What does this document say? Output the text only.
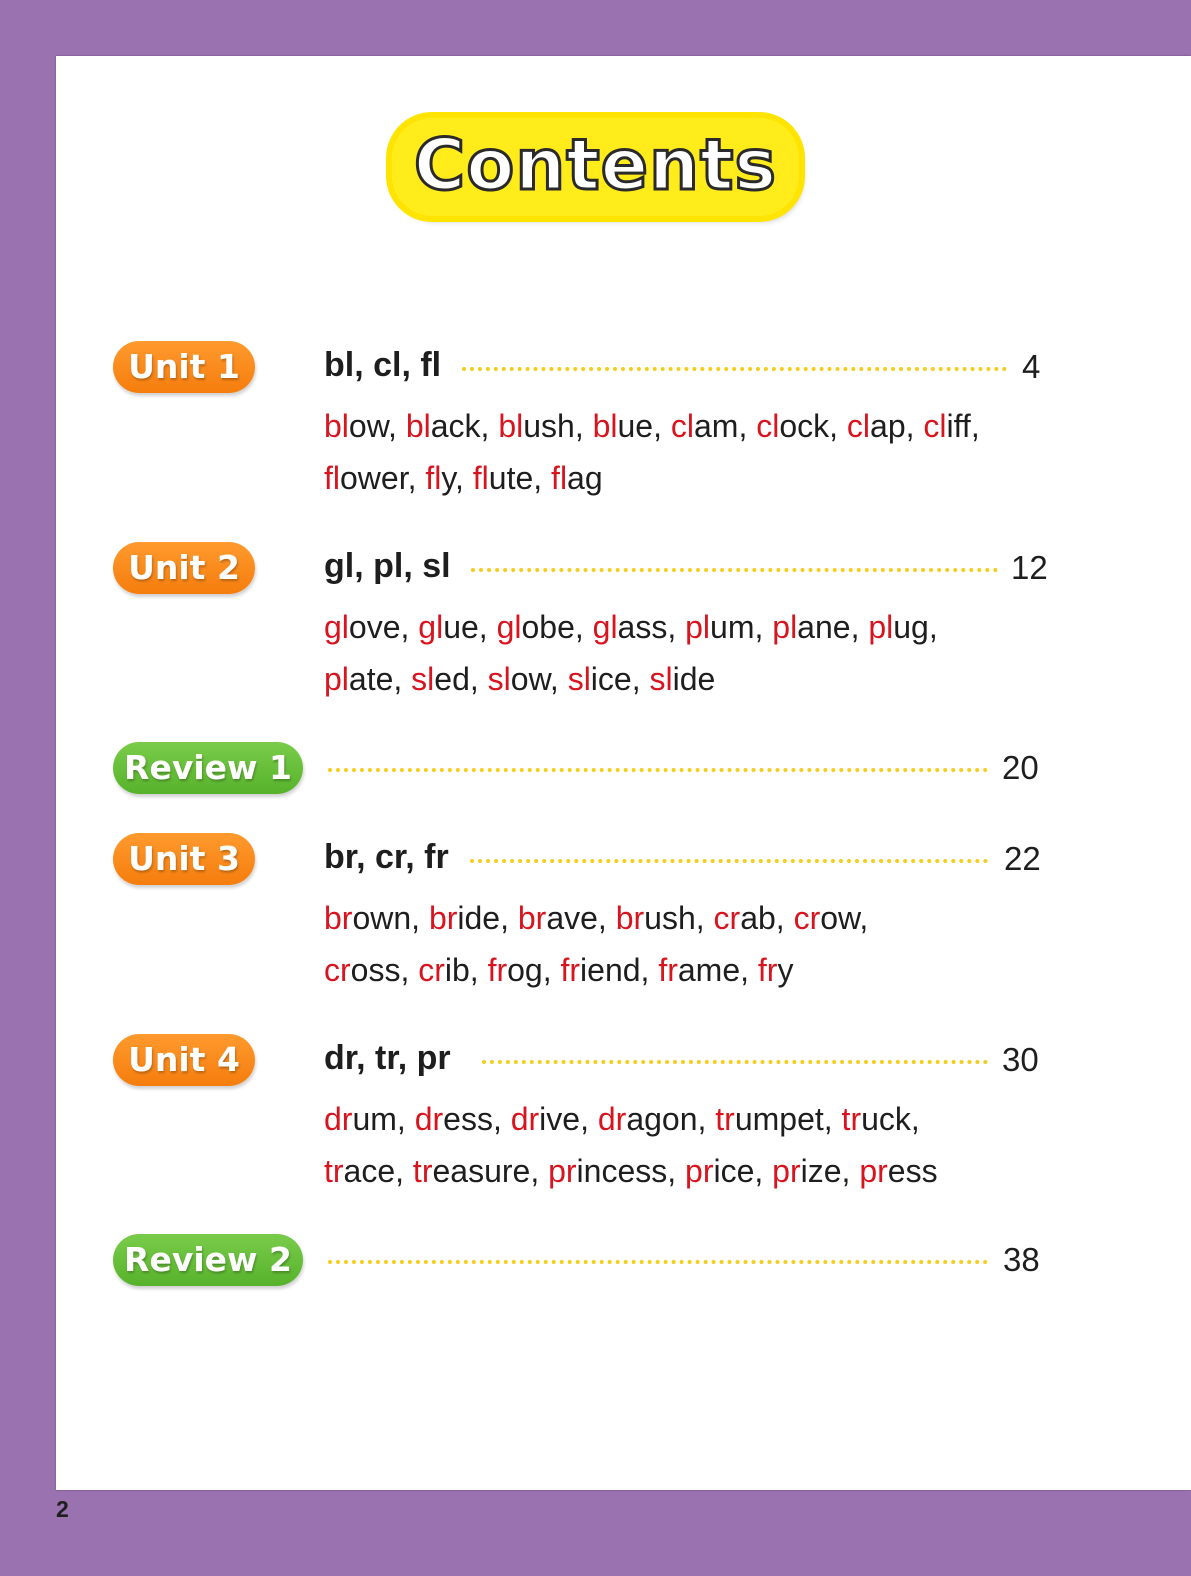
Contents
Unit 1	bl, cl, fl	4
blow, black, blush, blue, clam, clock, clap, cliff,
flower, fly, flute, flag
Unit 2	gl, pl, sl	12
glove, glue, globe, glass, plum, plane, plug,
plate, sled, slow, slice, slide
Review 1	20
Unit 3	br, cr, fr	22
brown, bride, brave, brush, crab, crow,
cross, crib, frog, friend, frame, fry
Unit 4	dr, tr, pr	30
drum, dress, drive, dragon, trumpet, truck,
trace, treasure, princess, price, prize, press
Review 2	38
2
